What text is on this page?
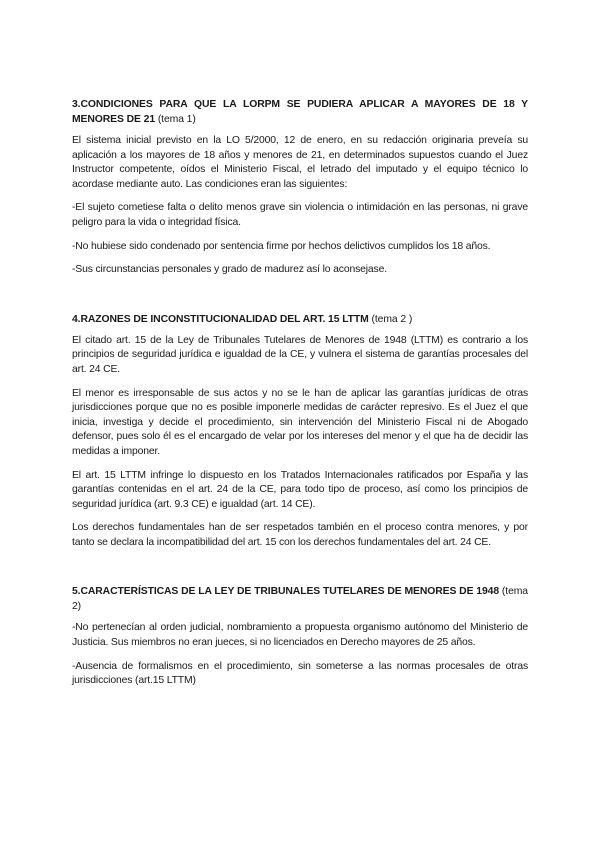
3.CONDICIONES PARA QUE LA LORPM SE PUDIERA APLICAR A MAYORES DE 18 Y MENORES DE 21 (tema 1)

El sistema inicial previsto en la LO 5/2000, 12 de enero, en su redacción originaria preveía su aplicación a los mayores de 18 años y menores de 21, en determinados supuestos cuando el Juez Instructor competente, oídos el Ministerio Fiscal, el letrado del imputado y el equipo técnico lo acordase mediante auto. Las condiciones eran las siguientes:

-El sujeto cometiese falta o delito menos grave sin violencia o intimidación en las personas, ni grave peligro para la vida o integridad física.

-No hubiese sido condenado por sentencia firme por hechos delictivos cumplidos los 18 años.

-Sus circunstancias personales y grado de madurez así lo aconsejase.

4.RAZONES DE INCONSTITUCIONALIDAD DEL ART. 15 LTTM (tema 2 )

El citado art. 15 de la Ley de Tribunales Tutelares de Menores de 1948 (LTTM) es contrario a los principios de seguridad jurídica e igualdad de la CE, y vulnera el sistema de garantías procesales del art. 24 CE.

El menor es irresponsable de sus actos y no se le han de aplicar las garantías jurídicas de otras jurisdicciones porque que no es posible imponerle medidas de carácter represivo. Es el Juez el que inicia, investiga y decide el procedimiento, sin intervención del Ministerio Fiscal ni de Abogado defensor, pues solo él es el encargado de velar por los intereses del menor y el que ha de decidir las medidas a imponer.

El art. 15 LTTM infringe lo dispuesto en los Tratados Internacionales ratificados por España y las garantías contenidas en el art. 24 de la CE, para todo tipo de proceso, así como los principios de seguridad jurídica (art. 9.3 CE) e igualdad (art. 14 CE).

Los derechos fundamentales han de ser respetados también en el proceso contra menores, y por tanto se declara la incompatibilidad del art. 15 con los derechos fundamentales del art. 24 CE.

5.CARACTERÍSTICAS DE LA LEY DE TRIBUNALES TUTELARES DE MENORES DE 1948 (tema 2)

-No pertenecían al orden judicial, nombramiento a propuesta organismo autónomo del Ministerio de Justicia. Sus miembros no eran jueces, si no licenciados en Derecho mayores de 25 años.

-Ausencia de formalismos en el procedimiento, sin someterse a las normas procesales de otras jurisdicciones (art.15 LTTM)
